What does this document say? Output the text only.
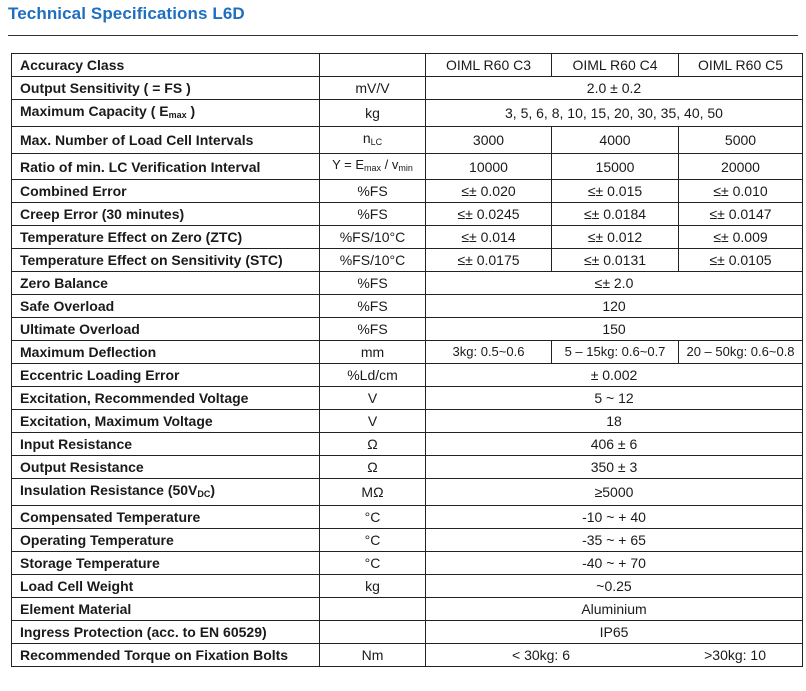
Technical Specifications L6D
Accuracy Class		OIML R60 C3	OIML R60 C4	OIML R60 C5
Output Sensitivity ( = FS )	mV/V	2.0 ± 0.2		
Maximum Capacity ( $E_{max}$ )	kg	3, 5, 6, 8, 10, 15, 20, 30, 35, 40, 50		
Max. Number of Load Cell Intervals	$n_{LC}$	3000	4000	5000
Ratio of min. LC Verification Interval	$Y = E_{max} / v_{min}$	10000	15000	20000
Combined Error	%FS	≤± 0.020	≤± 0.015	≤± 0.010
Creep Error (30 minutes)	%FS	≤± 0.0245	≤± 0.0184	≤± 0.0147
Temperature Effect on Zero (ZTC)	%FS/10°C	≤± 0.014	≤± 0.012	≤± 0.009
Temperature Effect on Sensitivity (STC)	%FS/10°C	≤± 0.0175	≤± 0.0131	≤± 0.0105
Zero Balance	%FS	≤± 2.0		
Safe Overload	%FS	120		
Ultimate Overload	%FS	150		
Maximum Deflection	mm	3kg: 0.5~0.6	5 – 15kg: 0.6~0.7	20 – 50kg: 0.6~0.8
Eccentric Loading Error	%Ld/cm	± 0.002		
Excitation, Recommended Voltage	V	5 ~ 12		
Excitation, Maximum Voltage	V	18		
Input Resistance	Ω	406 ± 6		
Output Resistance	Ω	350 ± 3		
Insulation Resistance $(50V_{DC})$	MΩ	≥5000		
Compensated Temperature	°C	-10 ~ + 40		
Operating Temperature	°C	-35 ~ + 65		
Storage Temperature	°C	-40 ~ + 70		
Load Cell Weight	kg	~0.25		
Element Material		Aluminium		
Ingress Protection (acc. to EN 60529)		IP65		
Recommended Torque on Fixation Bolts	Nm	< 30kg: 6 >30kg: 10		
